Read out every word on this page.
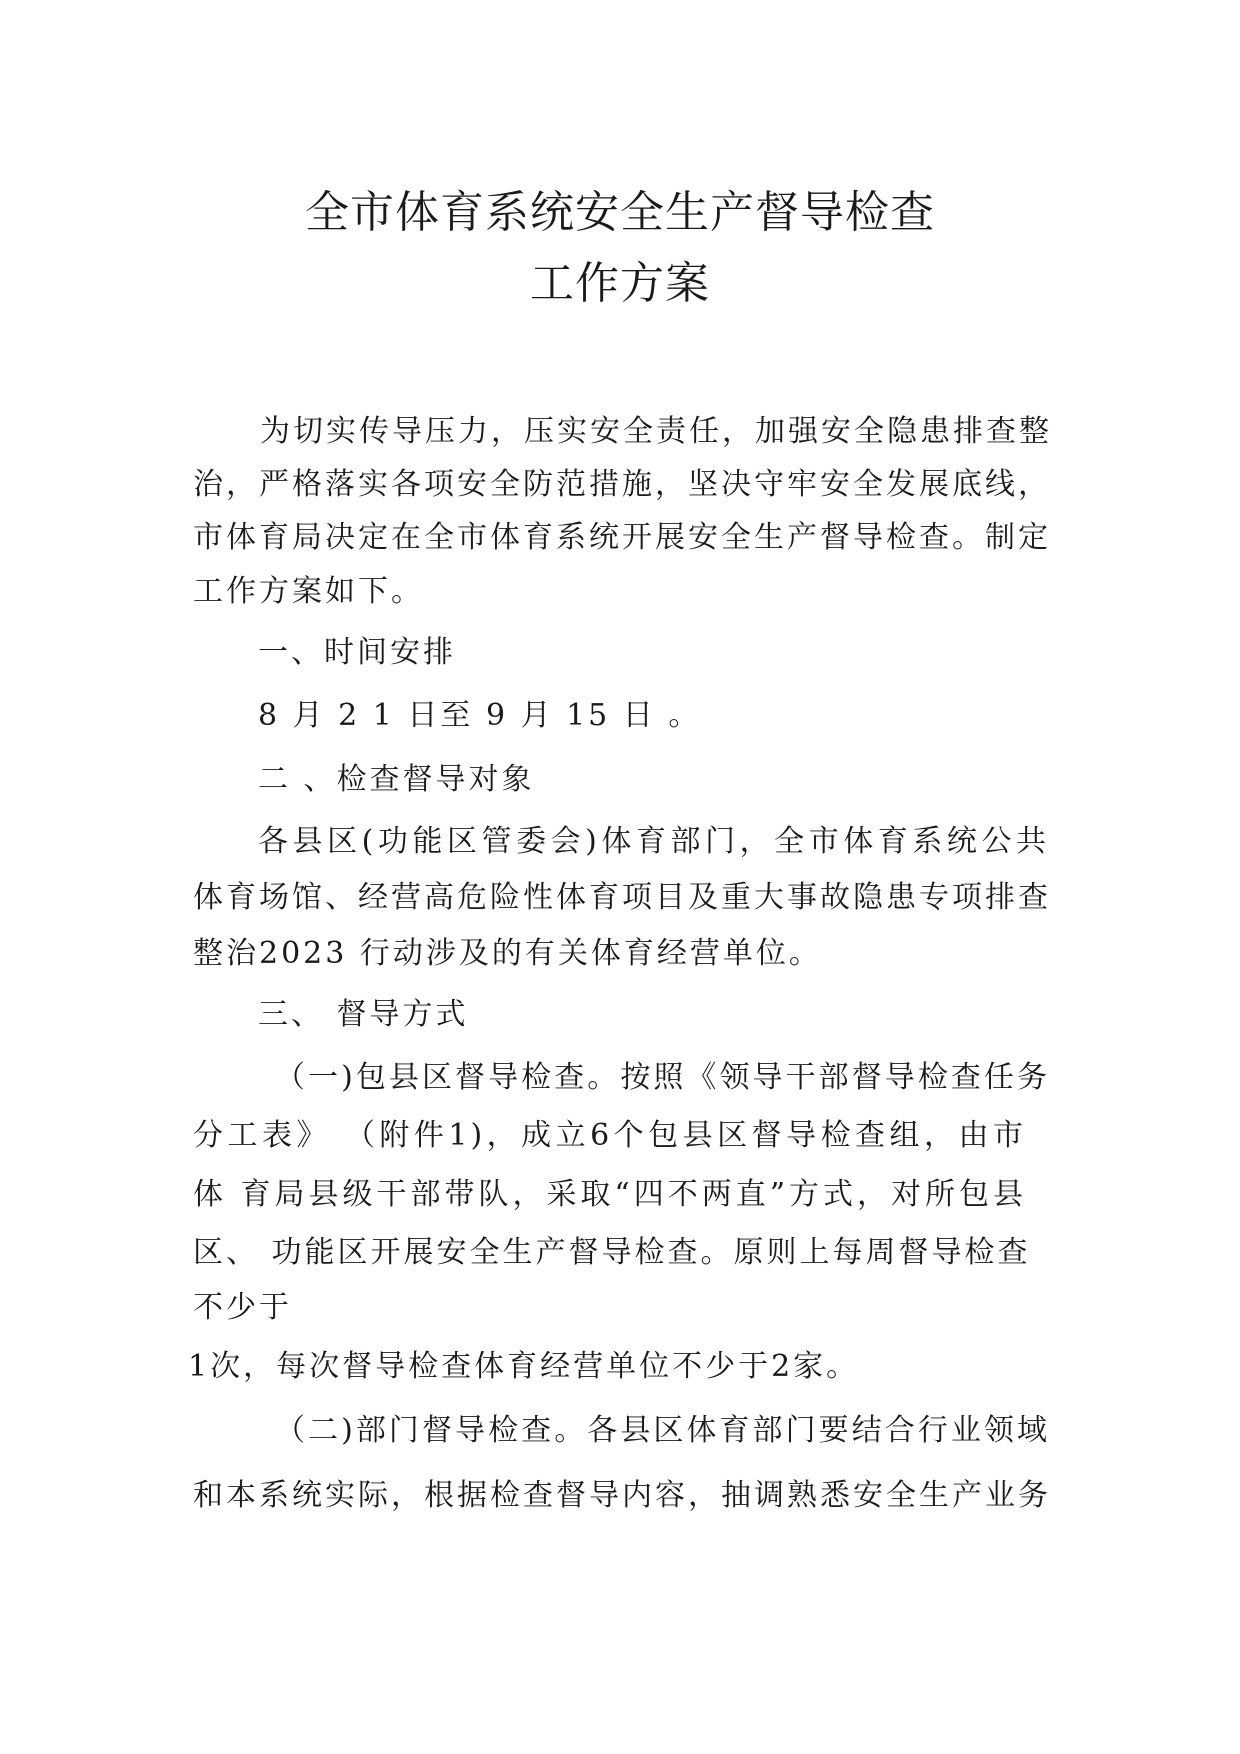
全市体育系统安全生产督导检查
工作方案
为切实传导压力，压实安全责任，加强安全隐患排查整
治，严格落实各项安全防范措施，坚决守牢安全发展底线，
市体育局决定在全市体育系统开展安全生产督导检查。制定
工作方案如下。
一、时间安排
8 月 2 1 日至 9 月 15 日 。
二 、检查督导对象
各县区(功能区管委会)体育部门，全市体育系统公共
体育场馆、经营高危险性体育项目及重大事故隐患专项排查
整治2023 行动涉及的有关体育经营单位。
三、 督导方式
（一)包县区督导检查。按照《领导干部督导检查任务
分工表》 （附件1)，成立6个包县区督导检查组，由市
体 育局县级干部带队，采取“四不两直”方式，对所包县
区、 功能区开展安全生产督导检查。原则上每周督导检查
不少于
1次，每次督导检查体育经营单位不少于2家。
（二)部门督导检查。各县区体育部门要结合行业领域
和本系统实际，根据检查督导内容，抽调熟悉安全生产业务
